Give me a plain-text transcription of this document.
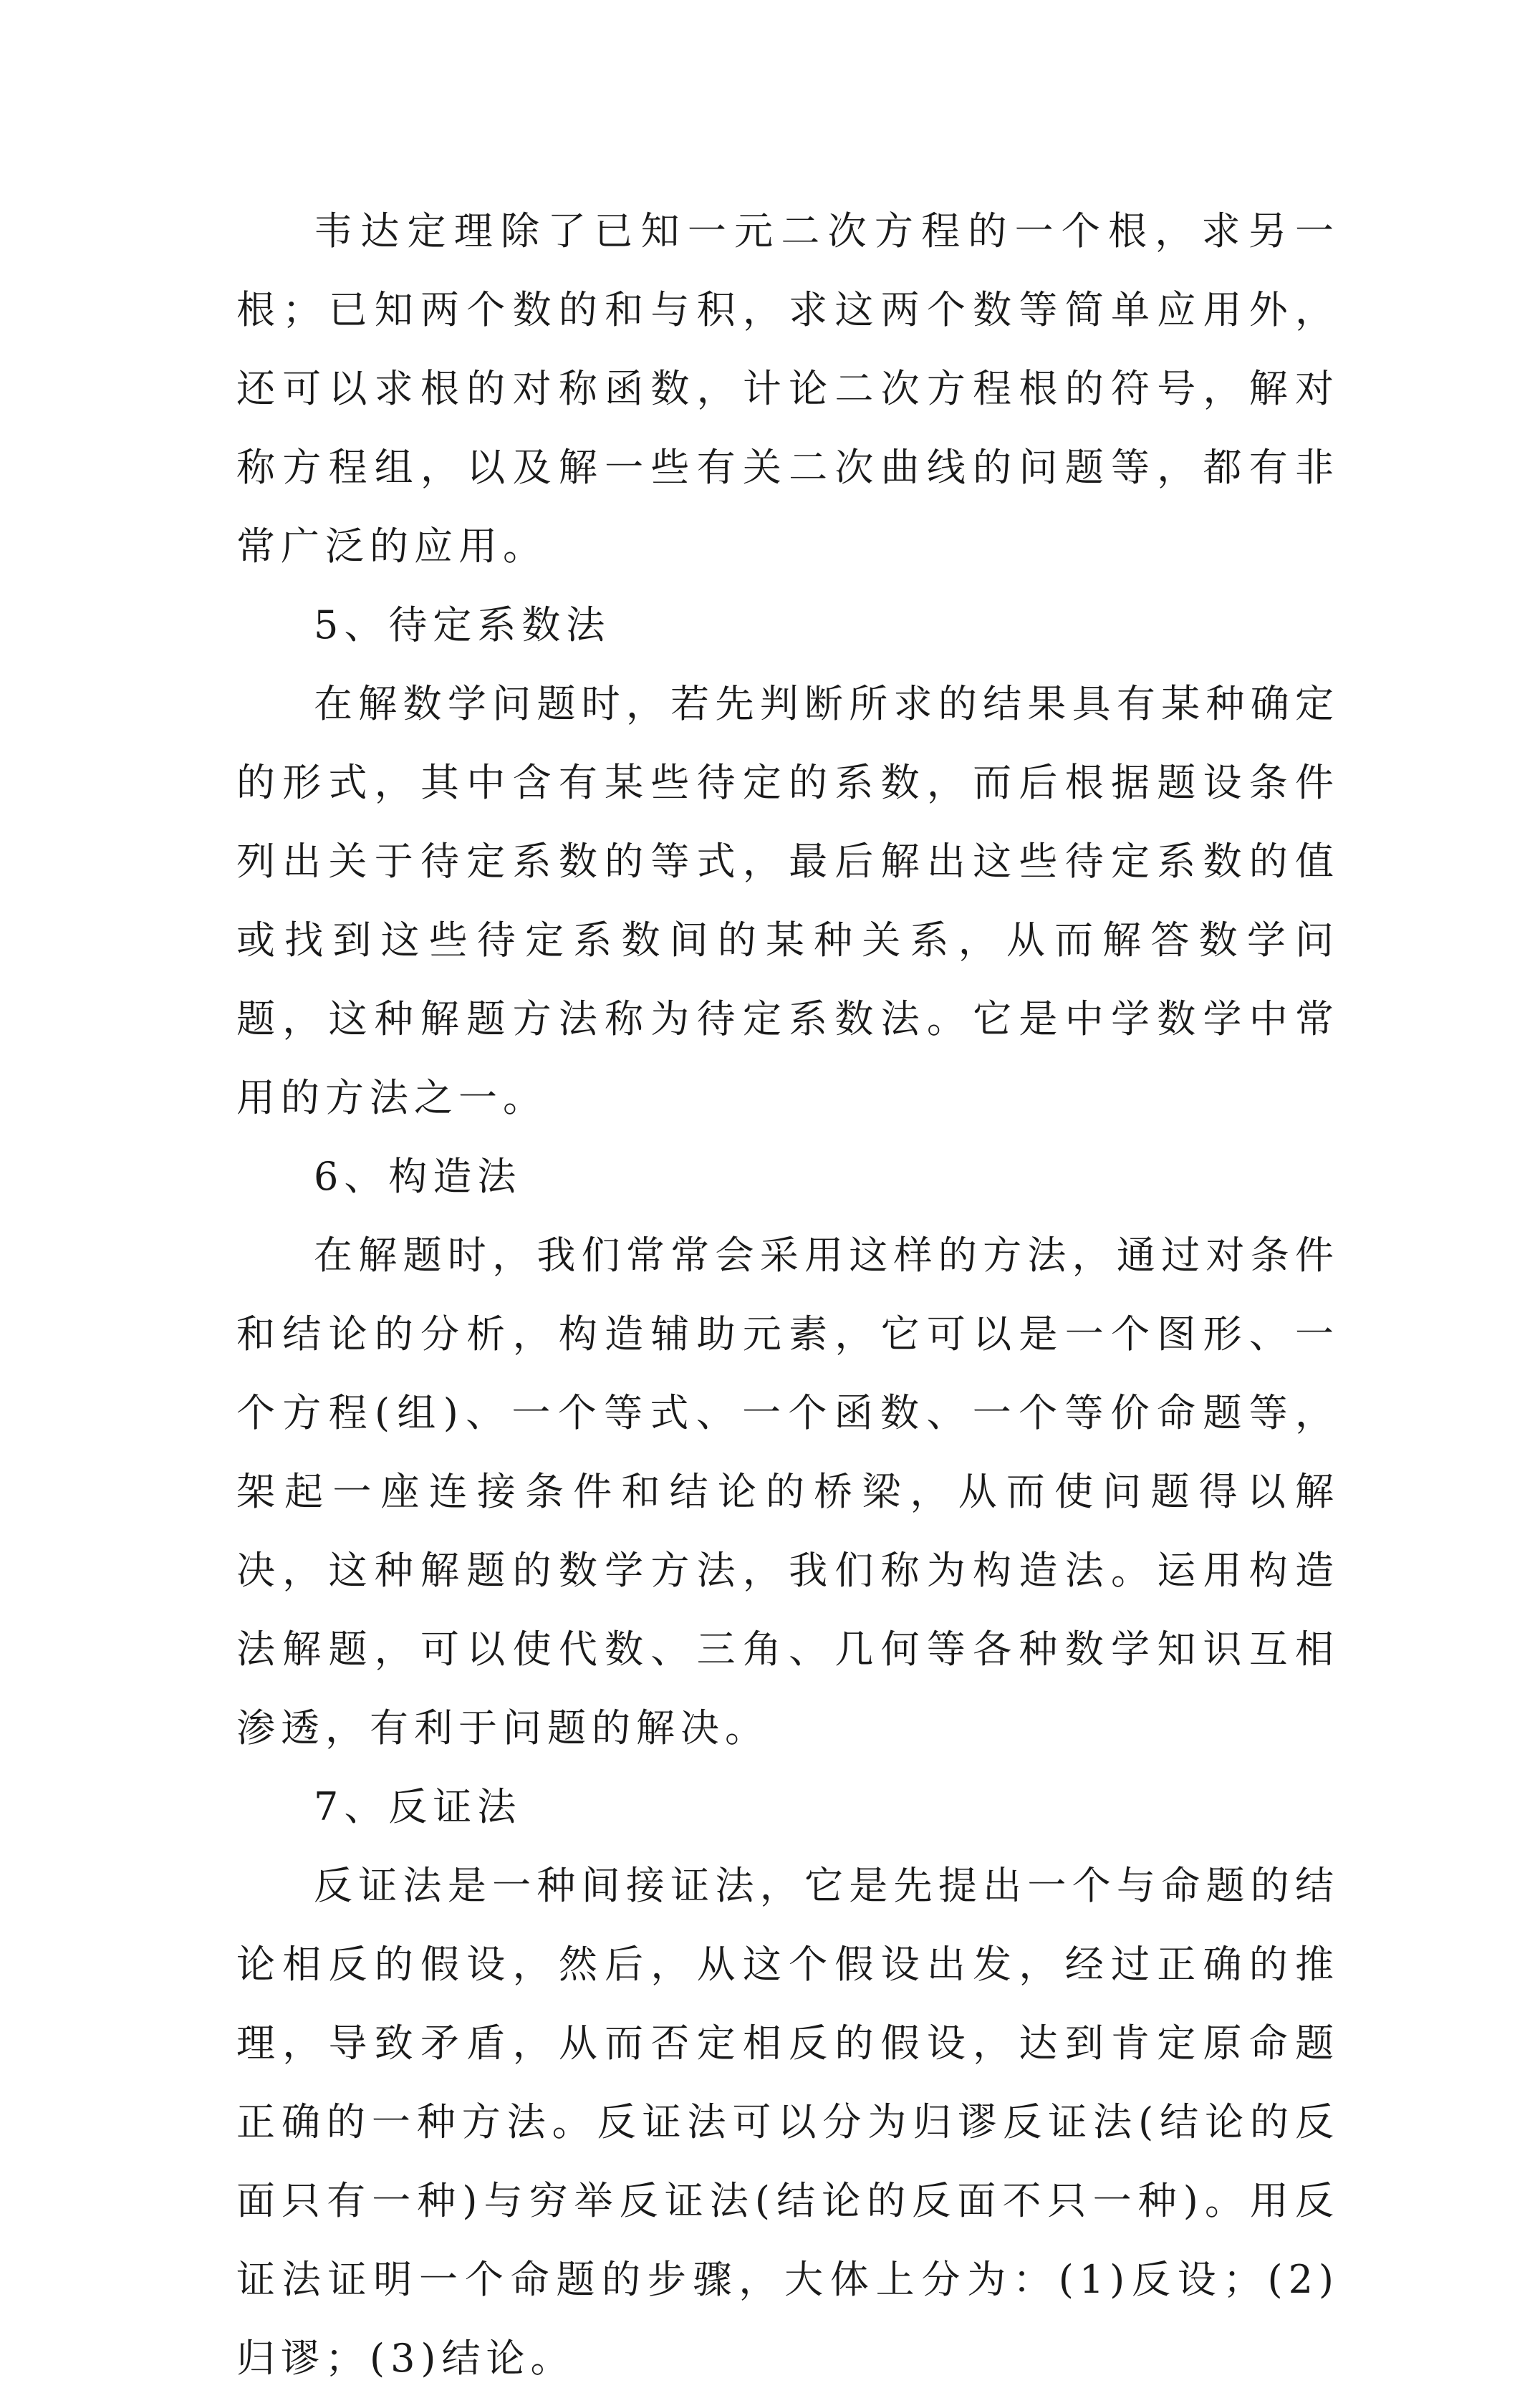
韦达定理除了已知一元二次方程的一个根，求另一根；已知两个数的和与积，求这两个数等简单应用外，还可以求根的对称函数，计论二次方程根的符号，解对称方程组，以及解一些有关二次曲线的问题等，都有非常广泛的应用。

5、待定系数法

在解数学问题时，若先判断所求的结果具有某种确定的形式，其中含有某些待定的系数，而后根据题设条件列出关于待定系数的等式，最后解出这些待定系数的值或找到这些待定系数间的某种关系，从而解答数学问题，这种解题方法称为待定系数法。它是中学数学中常用的方法之一。

6、构造法

在解题时，我们常常会采用这样的方法，通过对条件和结论的分析，构造辅助元素，它可以是一个图形、一个方程(组)、一个等式、一个函数、一个等价命题等，架起一座连接条件和结论的桥梁，从而使问题得以解决，这种解题的数学方法，我们称为构造法。运用构造法解题，可以使代数、三角、几何等各种数学知识互相渗透，有利于问题的解决。

7、反证法

反证法是一种间接证法，它是先提出一个与命题的结论相反的假设，然后，从这个假设出发，经过正确的推理，导致矛盾，从而否定相反的假设，达到肯定原命题正确的一种方法。反证法可以分为归谬反证法(结论的反面只有一种)与穷举反证法(结论的反面不只一种)。用反证法证明一个命题的步骤，大体上分为：(1)反设；(2)归谬；(3)结论。
